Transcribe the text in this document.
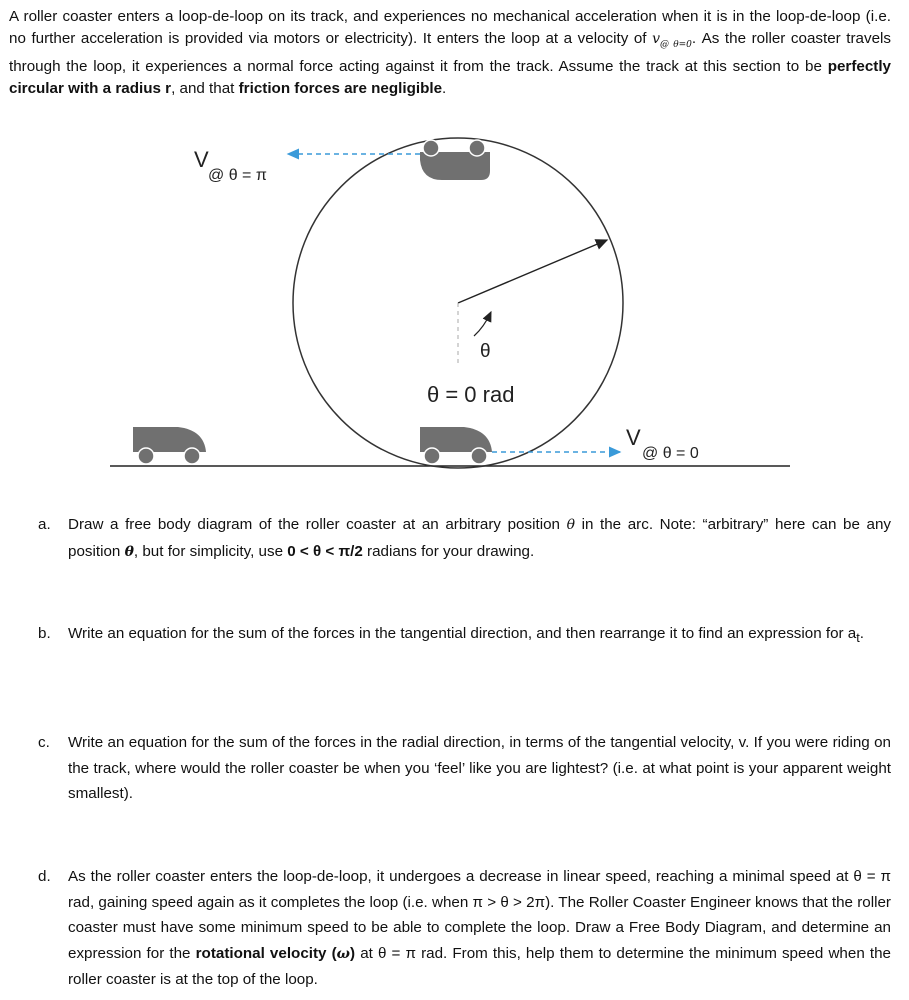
A roller coaster enters a loop-de-loop on its track, and experiences no mechanical acceleration when it is in the loop-de-loop (i.e. no further acceleration is provided via motors or electricity). It enters the loop at a velocity of $v_{@ \theta=0}$. As the roller coaster travels through the loop, it experiences a normal force acting against it from the track. Assume the track at this section to be perfectly circular with a radius r, and that friction forces are negligible.

θ
θ = 0 rad
V
@ θ = π
V
@ θ = 0
a.	Draw a free body diagram of the roller coaster at an arbitrary position θ in the arc. Note: “arbitrary” here can be any position θ, but for simplicity, use 0 < θ < π/2 radians for your drawing.
b.	Write an equation for the sum of the forces in the tangential direction, and then rearrange it to find an expression for $a_t$.
c.	Write an equation for the sum of the forces in the radial direction, in terms of the tangential velocity, v. If you were riding on the track, where would the roller coaster be when you ‘feel’ like you are lightest? (i.e. at what point is your apparent weight smallest).
d.	As the roller coaster enters the loop-de-loop, it undergoes a decrease in linear speed, reaching a minimal speed at θ = π rad, gaining speed again as it completes the loop (i.e. when π > θ > 2π). The Roller Coaster Engineer knows that the roller coaster must have some minimum speed to be able to complete the loop. Draw a Free Body Diagram, and determine an expression for the rotational velocity (ω) at θ = π rad. From this, help them to determine the minimum speed when the roller coaster is at the top of the loop.
